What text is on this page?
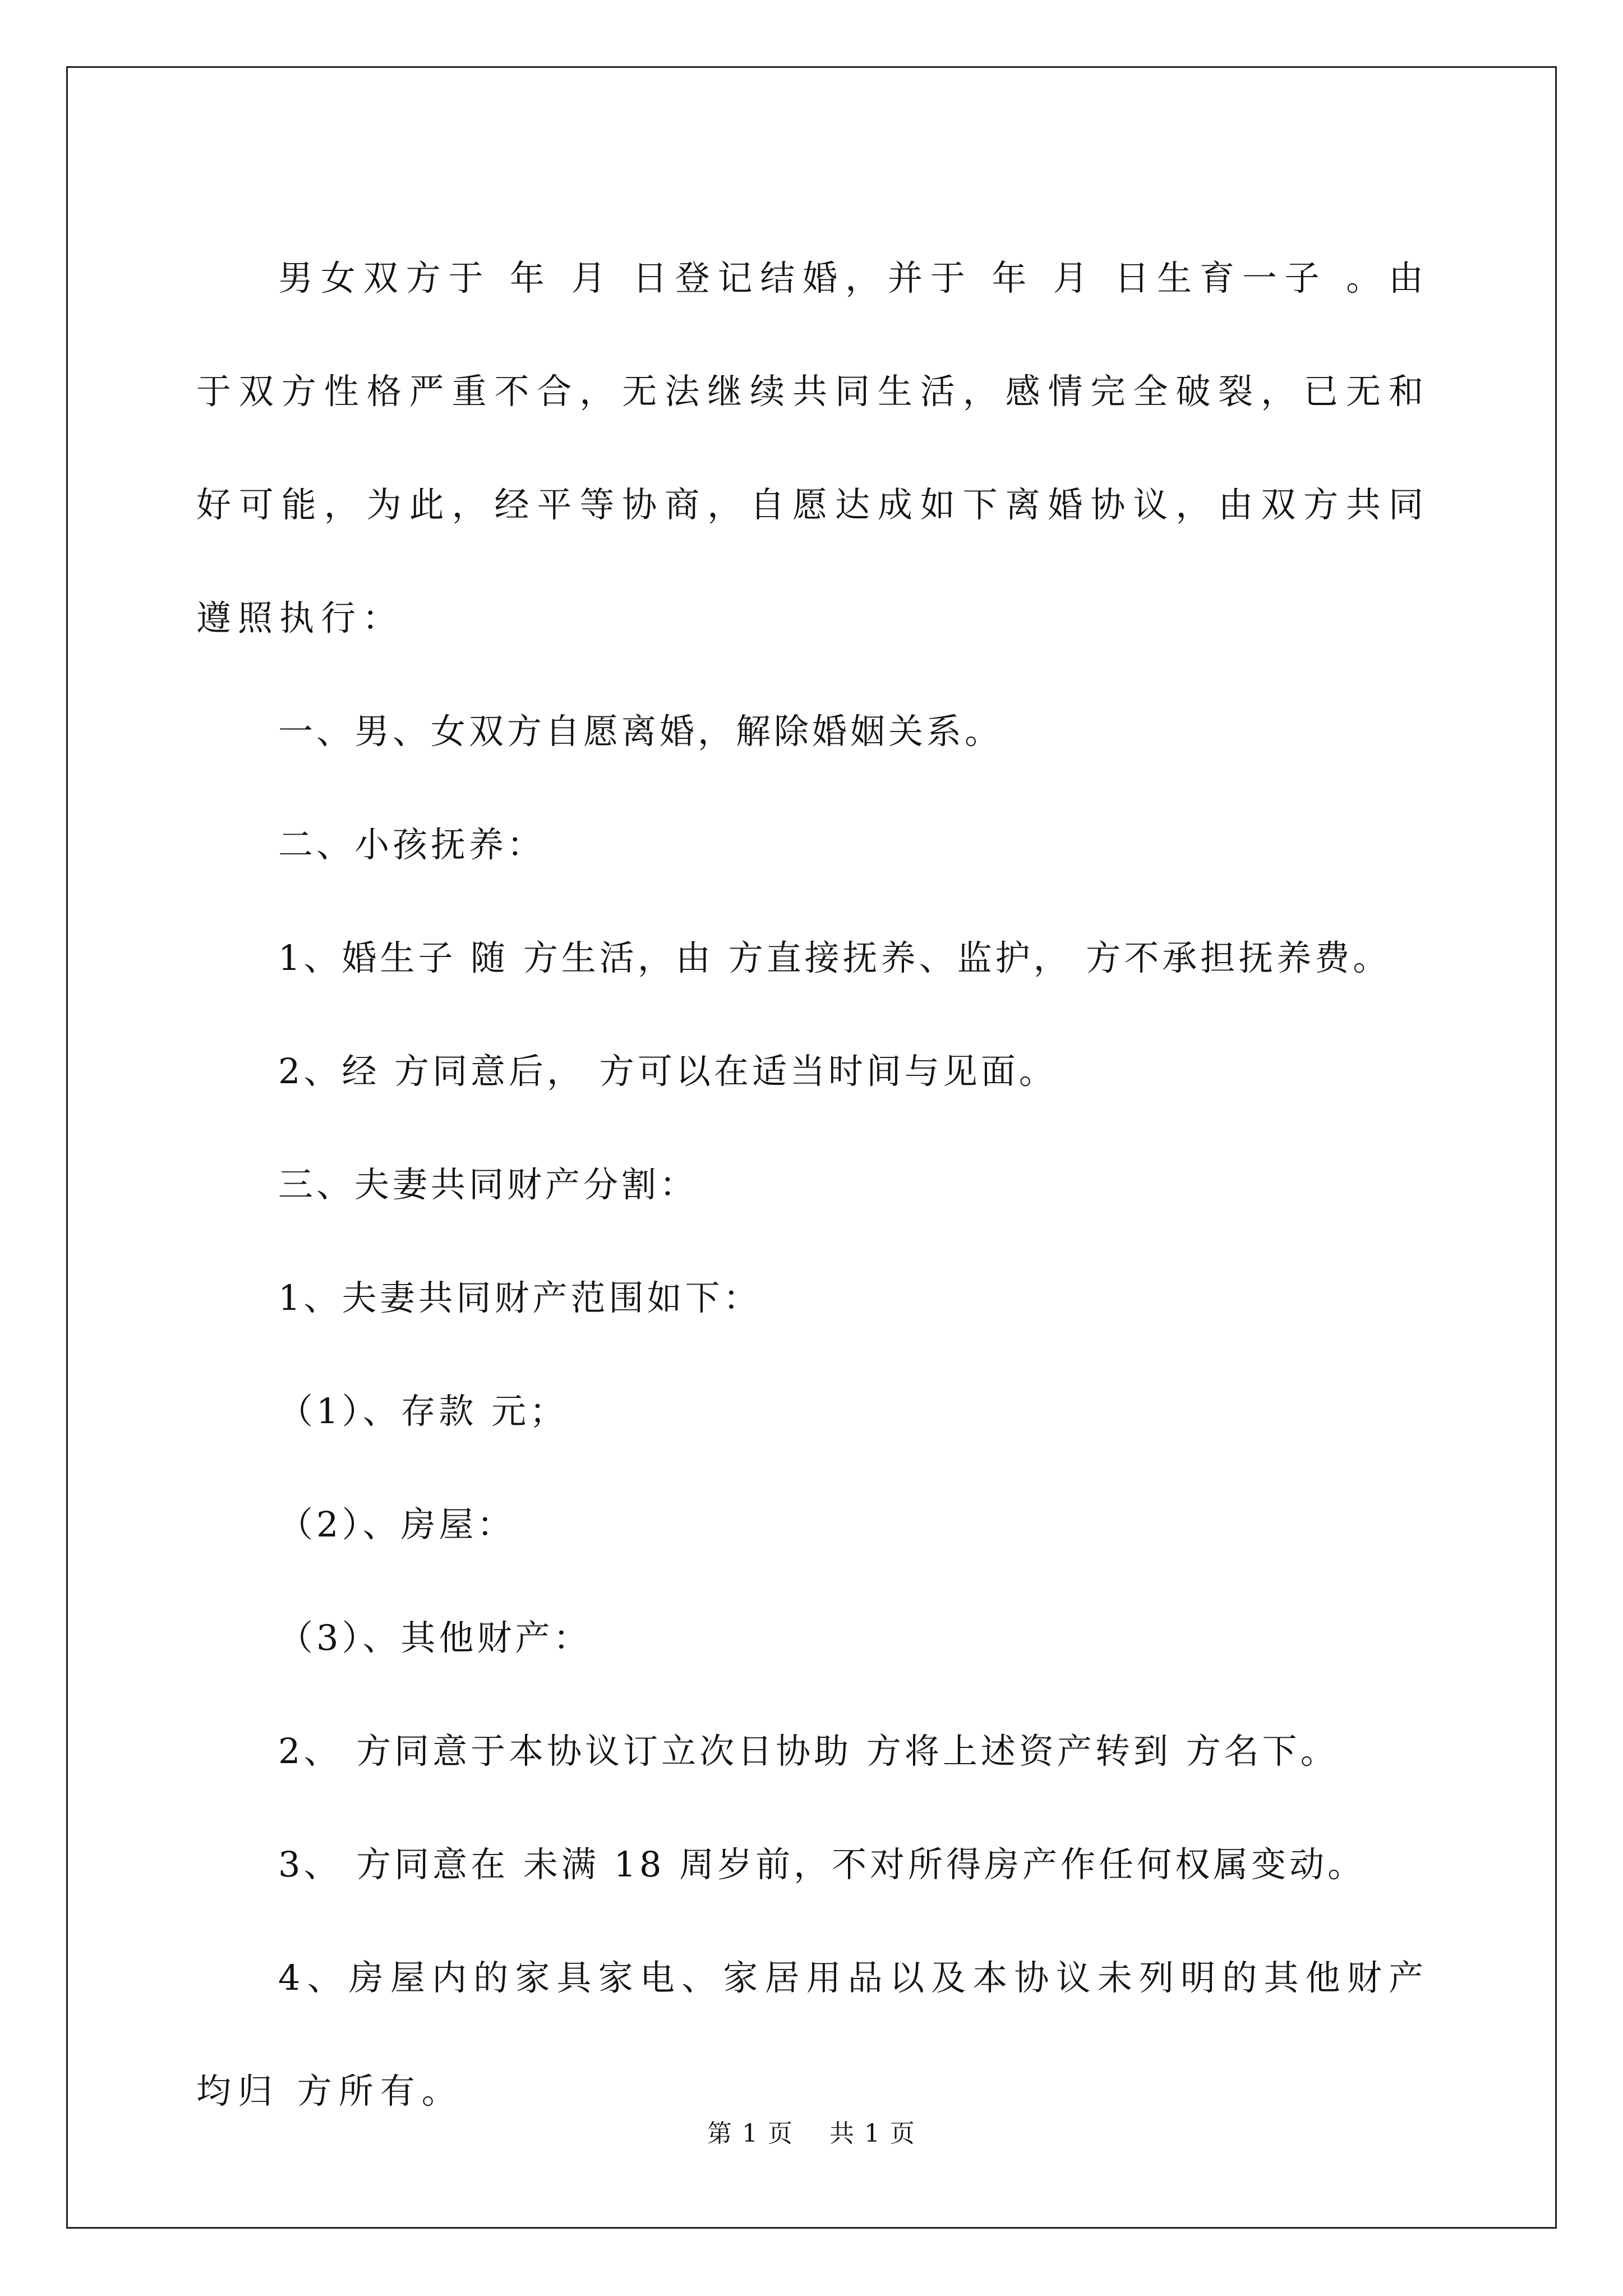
男女双方于 年 月 日登记结婚，并于 年 月 日生育一子 。由于双方性格严重不合，无法继续共同生活，感情完全破裂，已无和好可能，为此，经平等协商，自愿达成如下离婚协议，由双方共同遵照执行：

一、男、女双方自愿离婚，解除婚姻关系。

二、小孩抚养：

1、婚生子 随 方生活，由 方直接抚养、监护， 方不承担抚养费。

2、经 方同意后， 方可以在适当时间与见面。

三、夫妻共同财产分割：

1、夫妻共同财产范围如下：

（1）、存款 元；

（2）、房屋：

（3）、其他财产：

2、 方同意于本协议订立次日协助 方将上述资产转到 方名下。

3、 方同意在 未满 18 周岁前，不对所得房产作任何权属变动。

4、房屋内的家具家电、家居用品以及本协议未列明的其他财产均归 方所有。

第 1 页    共 1 页
